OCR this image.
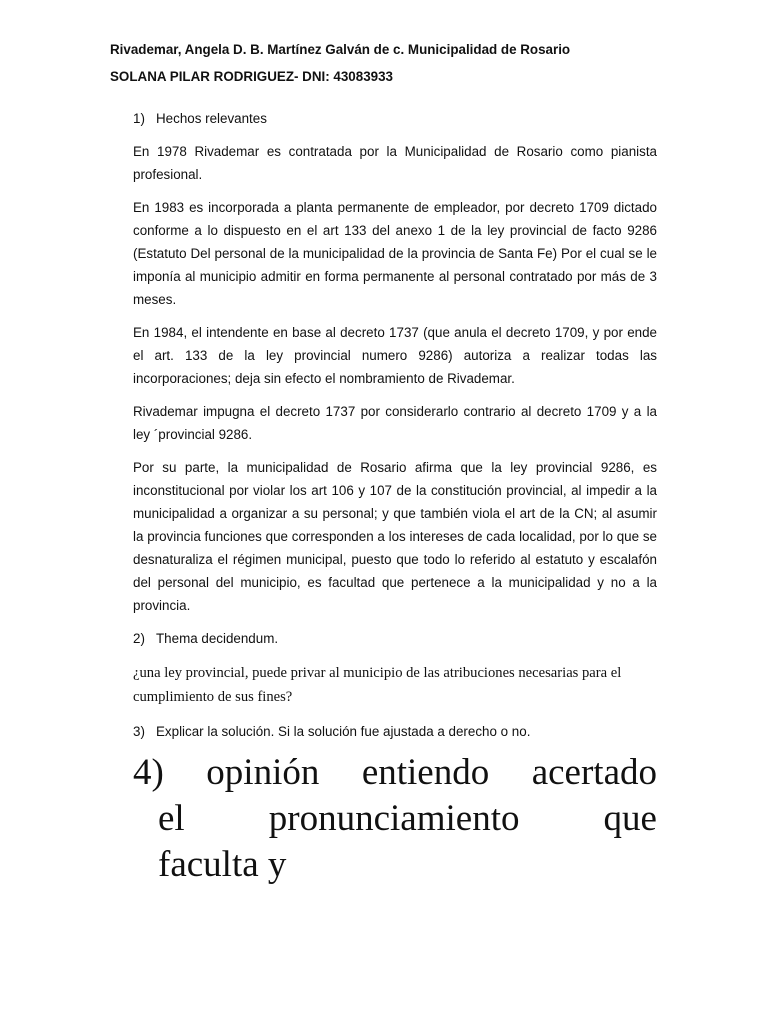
Rivademar, Angela D. B. Martínez Galván de c. Municipalidad de Rosario
SOLANA PILAR RODRIGUEZ- DNI: 43083933
1) Hechos relevantes

En 1978 Rivademar es contratada por la Municipalidad de Rosario como pianista profesional.

En 1983 es incorporada a planta permanente de empleador, por decreto 1709 dictado conforme a lo dispuesto en el art 133 del anexo 1 de la ley provincial de facto 9286 (Estatuto Del personal de la municipalidad de la provincia de Santa Fe) Por el cual se le imponía al municipio admitir en forma permanente al personal contratado por más de 3 meses.

En 1984, el intendente en base al decreto 1737 (que anula el decreto 1709, y por ende el art. 133 de la ley provincial numero 9286) autoriza a realizar todas las incorporaciones; deja sin efecto el nombramiento de Rivademar.

Rivademar impugna el decreto 1737 por considerarlo contrario al decreto 1709 y a la ley ´provincial 9286.

Por su parte, la municipalidad de Rosario afirma que la ley provincial 9286, es inconstitucional por violar los art 106 y 107 de la constitución provincial, al impedir a la municipalidad a organizar a su personal; y que también viola el art de la CN; al asumir la provincia funciones que corresponden a los intereses de cada localidad, por lo que se desnaturaliza el régimen municipal, puesto que todo lo referido al estatuto y escalafón del personal del municipio, es facultad que pertenece a la municipalidad y no a la provincia.

2) Thema decidendum.

¿una ley provincial, puede privar al municipio de las atribuciones necesarias para el cumplimiento de sus fines?

3) Explicar la solución. Si la solución fue ajustada a derecho o no.
4) opinión entiendo acertado
el pronunciamiento que
faculta y
